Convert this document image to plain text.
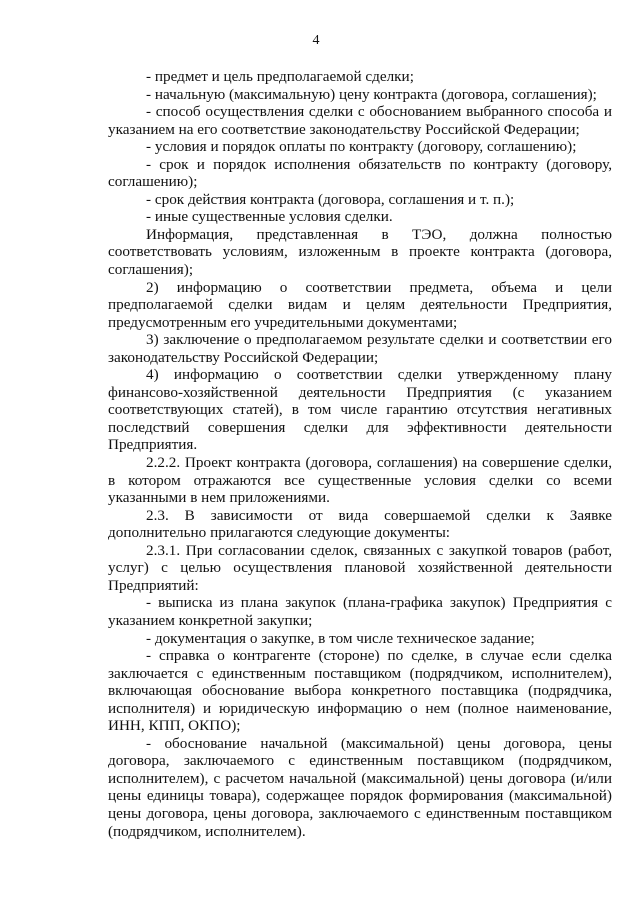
4

- предмет и цель предполагаемой сделки;

- начальную (максимальную) цену контракта (договора, соглашения);

- способ осуществления сделки с обоснованием выбранного способа и указанием на его соответствие законодательству Российской Федерации;

- условия и порядок оплаты по контракту (договору, соглашению);

- срок и порядок исполнения обязательств по контракту (договору, соглашению);

- срок действия контракта (договора, соглашения и т. п.);

- иные существенные условия сделки.

Информация, представленная в ТЭО, должна полностью соответствовать условиям, изложенным в проекте контракта (договора, соглашения);

2) информацию о соответствии предмета, объема и цели предполагаемой сделки видам и целям деятельности Предприятия, предусмотренным его учредительными документами;

3) заключение о предполагаемом результате сделки и соответствии его законодательству Российской Федерации;

4) информацию о соответствии сделки утвержденному плану финансово-хозяйственной деятельности Предприятия (с указанием соответствующих статей), в том числе гарантию отсутствия негативных последствий совершения сделки для эффективности деятельности Предприятия.

2.2.2. Проект контракта (договора, соглашения) на совершение сделки, в котором отражаются все существенные условия сделки со всеми указанными в нем приложениями.

2.3. В зависимости от вида совершаемой сделки к Заявке дополнительно прилагаются следующие документы:

2.3.1. При согласовании сделок, связанных с закупкой товаров (работ, услуг) с целью осуществления плановой хозяйственной деятельности Предприятий:

- выписка из плана закупок (плана-графика закупок) Предприятия с указанием конкретной закупки;

- документация о закупке, в том числе техническое задание;

- справка о контрагенте (стороне) по сделке, в случае если сделка заключается с единственным поставщиком (подрядчиком, исполнителем), включающая обоснование выбора конкретного поставщика (подрядчика, исполнителя) и юридическую информацию о нем (полное наименование, ИНН, КПП, ОКПО);

- обоснование начальной (максимальной) цены договора, цены договора, заключаемого с единственным поставщиком (подрядчиком, исполнителем), с расчетом начальной (максимальной) цены договора (и/или цены единицы товара), содержащее порядок формирования (максимальной) цены договора, цены договора, заключаемого с единственным поставщиком (подрядчиком, исполнителем).
